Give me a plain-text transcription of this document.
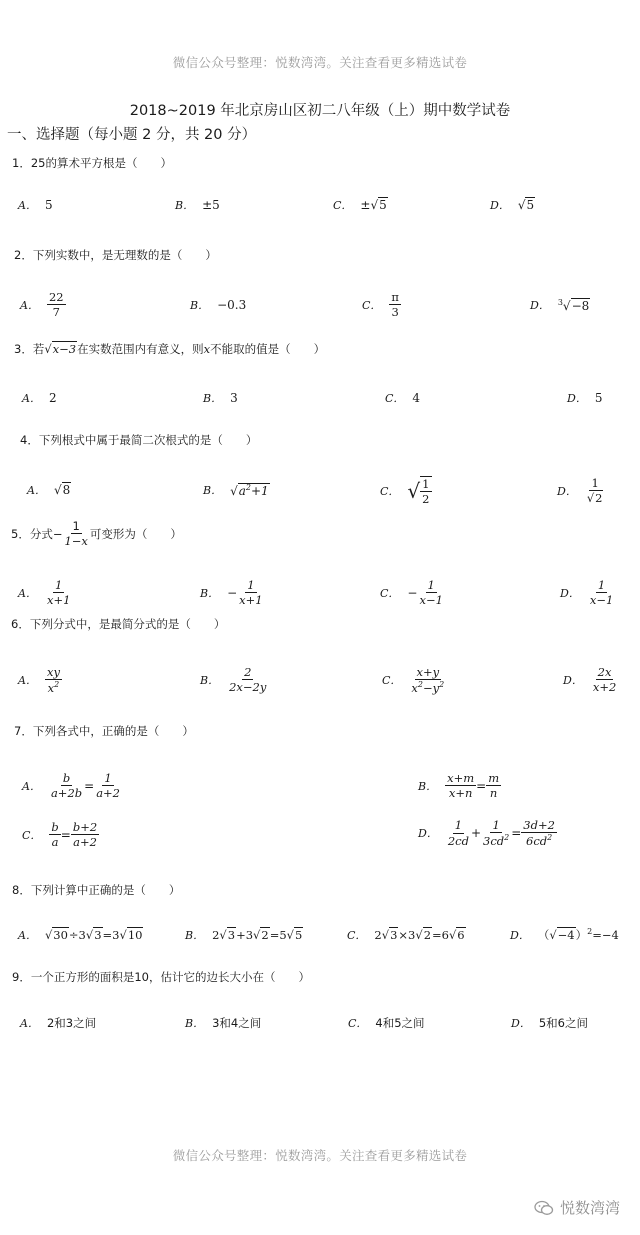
微信公众号整理：悦数湾湾。关注查看更多精选试卷
2018~2019 年北京房山区初二八年级（上）期中数学试卷
一、选择题（每小题 2 分，共 20 分）
1．25的算术平方根是（　　）
A． 5	B． ±5	C． ±√5	D． √5
2．下列实数中，是无理数的是（　　）
A． $\frac{22}{7}$	B． −0.3	C． $\frac{\pi}{3}$	D． $^3$√−8
3．若√x−3在实数范围内有意义，则x不能取的值是（　　）
A． 2	B． 3	C． 4	D． 5
4．下列根式中属于最简二次根式的是（　　）
A． √8	B． $√a^2+1$	C． √ $\frac{1}{2}$	D． $\frac{1}{√2}$
5．分式− $\frac{1}{1-x}$ 可变形为（　　）
A． $\frac{1}{x+1}$	B． − $\frac{1}{x+1}$	C． − $\frac{1}{x-1}$	D． $\frac{1}{x-1}$
6．下列分式中，是最简分式的是（　　）
A． $\frac{xy}{x^2}$	B． $\frac{2}{2x-2y}$	C． $\frac{x+y}{x^2-y^2}$	D． $\frac{2x}{x+2}$
7．下列各式中，正确的是（　　）
A． $\frac{b}{a+2b} = \frac{1}{a+2}$	B． $\frac{x+m}{x+n} = \frac{m}{n}$
C． $\frac{b}{a} = \frac{b+2}{a+2}$	D． $\frac{1}{2cd} + \frac{1}{3cd^2} = \frac{3d+2}{6cd^2}$
8．下列计算中正确的是（　　）
A． √30÷3√3=3√10	B． 2√3+3√2=5√5	C． 2√3×3√2=6√6	D． $(√-4)^2=-4$
9．一个正方形的面积是10，估计它的边长大小在（　　）
A． 2和3之间	B． 3和4之间	C． 4和5之间	D． 5和6之间
微信公众号整理：悦数湾湾。关注查看更多精选试卷
悦数湾湾
